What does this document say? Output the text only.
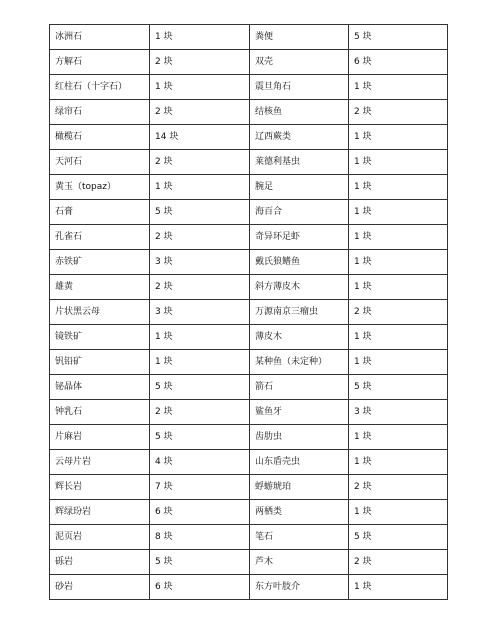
冰洲石	1 块	粪便	5 块
方解石	2 块	双壳	6 块
红柱石（十字石）	1 块	震旦角石	1 块
绿帘石	2 块	结核鱼	2 块
橄榄石	14 块	辽西蕨类	1 块
天河石	2 块	莱德利基虫	1 块
黄玉（topaz）	1 块	腕足	1 块
石膏	5 块	海百合	1 块
孔雀石	2 块	奇异环足虾	1 块
赤铁矿	3 块	戴氏狼鳍鱼	1 块
雄黄	2 块	斜方薄皮木	1 块
片状黑云母	3 块	万源南京三瘤虫	2 块
镜铁矿	1 块	薄皮木	1 块
钒铅矿	1 块	某种鱼（未定种）	1 块
铋晶体	5 块	箭石	5 块
钟乳石	2 块	鲨鱼牙	3 块
片麻岩	5 块	齿肋虫	1 块
云母片岩	4 块	山东盾壳虫	1 块
辉长岩	7 块	蜉蝣琥珀	2 块
辉绿玢岩	6 块	两栖类	1 块
泥页岩	8 块	笔石	5 块
砾岩	5 块	芦木	2 块
砂岩	6 块	东方叶肢介	1 块
